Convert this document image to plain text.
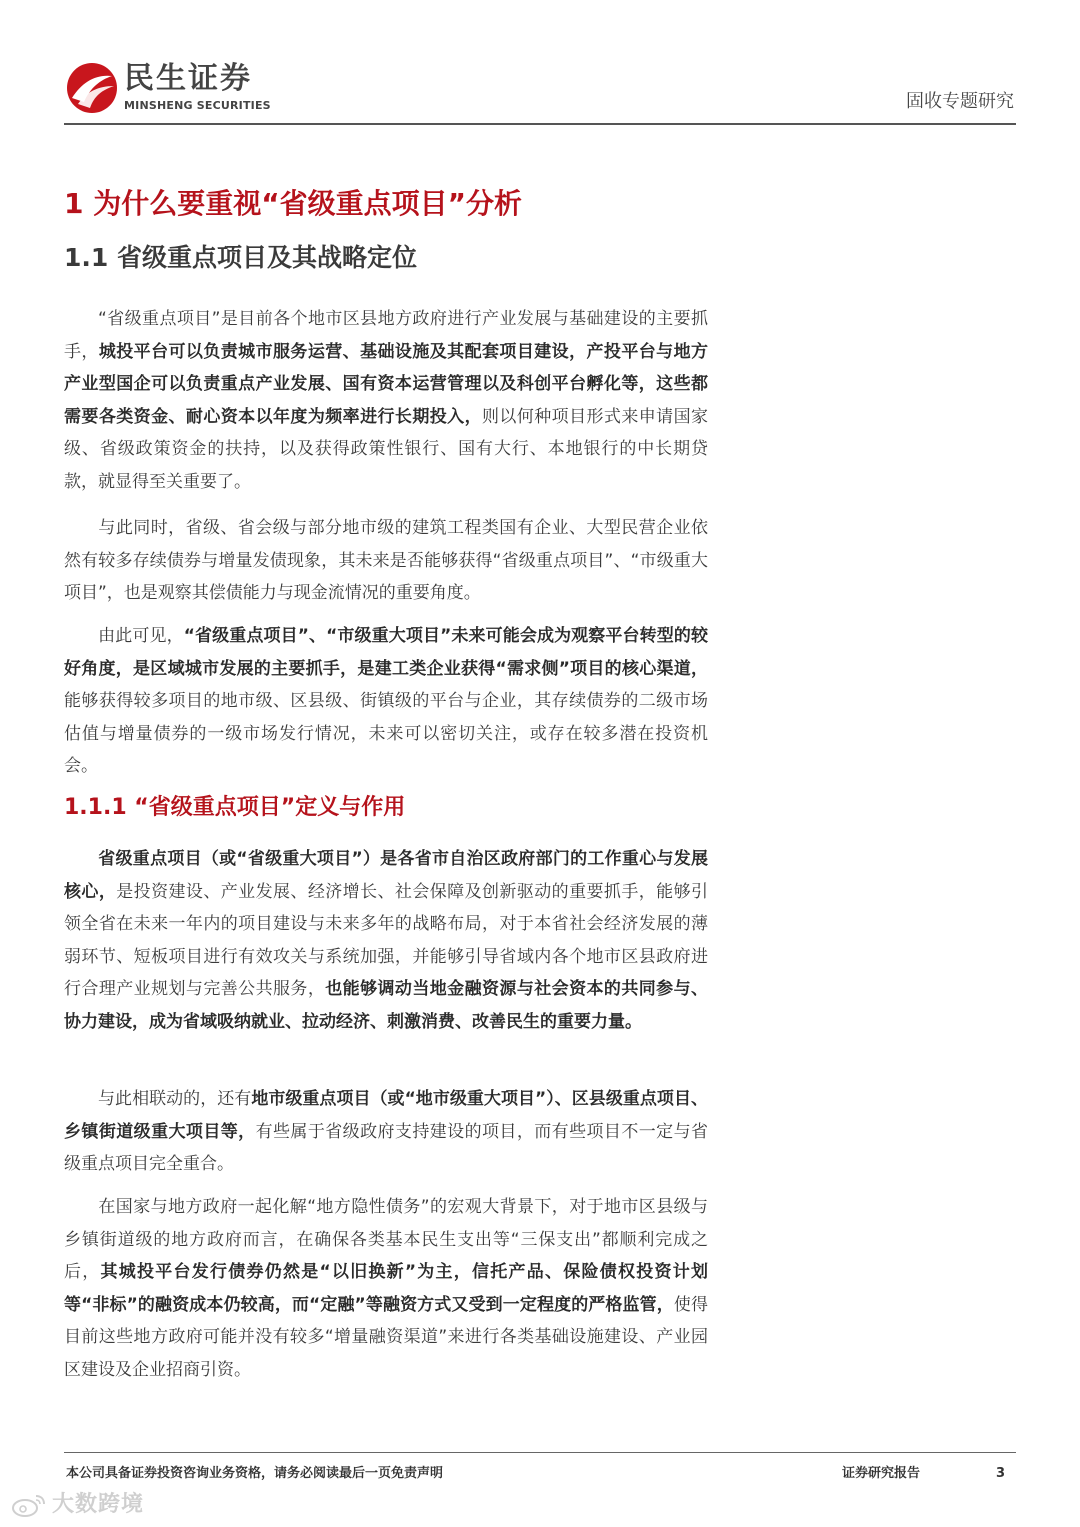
民生证券
MINSHENG SECURITIES	固收专题研究
1 为什么要重视“省级重点项目”分析
1.1 省级重点项目及其战略定位
1.1.1 “省级重点项目”定义与作用

“省级重点项目”是目前各个地市区县地方政府进行产业发展与基础建设的主要抓手，城投平台可以负责城市服务运营、基础设施及其配套项目建设，产投平台与地方产业型国企可以负责重点产业发展、国有资本运营管理以及科创平台孵化等，这些都需要各类资金、耐心资本以年度为频率进行长期投入，则以何种项目形式来申请国家级、省级政策资金的扶持，以及获得政策性银行、国有大行、本地银行的中长期贷款，就显得至关重要了。

与此同时，省级、省会级与部分地市级的建筑工程类国有企业、大型民营企业依然有较多存续债券与增量发债现象，其未来是否能够获得“省级重点项目”、“市级重大项目”，也是观察其偿债能力与现金流情况的重要角度。

由此可见，“省级重点项目”、“市级重大项目”未来可能会成为观察平台转型的较好角度，是区域城市发展的主要抓手，是建工类企业获得“需求侧”项目的核心渠道，能够获得较多项目的地市级、区县级、街镇级的平台与企业，其存续债券的二级市场估值与增量债券的一级市场发行情况，未来可以密切关注，或存在较多潜在投资机会。

省级重点项目（或“省级重大项目”）是各省市自治区政府部门的工作重心与发展核心，是投资建设、产业发展、经济增长、社会保障及创新驱动的重要抓手，能够引领全省在未来一年内的项目建设与未来多年的战略布局，对于本省社会经济发展的薄弱环节、短板项目进行有效攻关与系统加强，并能够引导省域内各个地市区县政府进行合理产业规划与完善公共服务，也能够调动当地金融资源与社会资本的共同参与、协力建设，成为省域吸纳就业、拉动经济、刺激消费、改善民生的重要力量。

与此相联动的，还有地市级重点项目（或“地市级重大项目”）、区县级重点项目、乡镇街道级重大项目等，有些属于省级政府支持建设的项目，而有些项目不一定与省级重点项目完全重合。

在国家与地方政府一起化解“地方隐性债务”的宏观大背景下，对于地市区县级与乡镇街道级的地方政府而言，在确保各类基本民生支出等“三保支出”都顺利完成之后，其城投平台发行债券仍然是“以旧换新”为主，信托产品、保险债权投资计划等“非标”的融资成本仍较高，而“定融”等融资方式又受到一定程度的严格监管，使得目前这些地方政府可能并没有较多“增量融资渠道”来进行各类基础设施建设、产业园区建设及企业招商引资。

本公司具备证券投资咨询业务资格，请务必阅读最后一页免责声明	证券研究报告	3
大数跨境
